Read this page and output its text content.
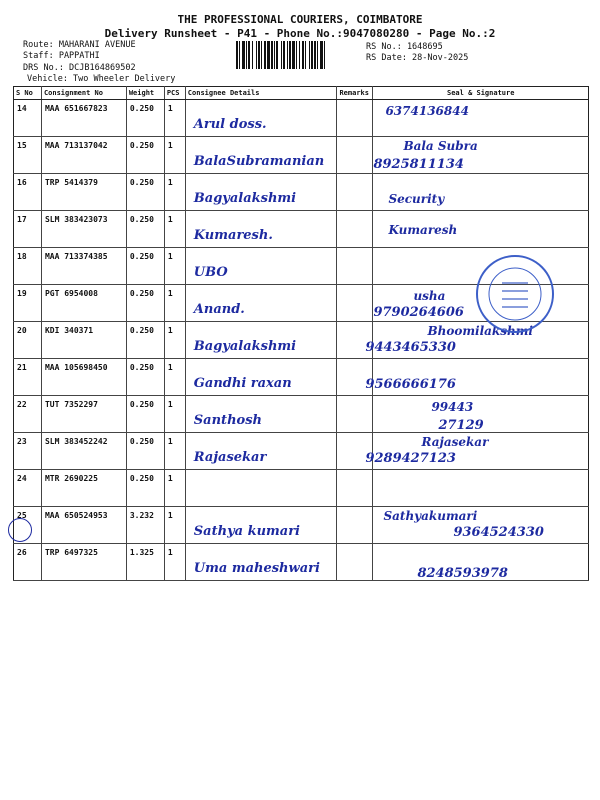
THE PROFESSIONAL COURIERS, COIMBATORE
Delivery Runsheet - P41 - Phone No.:9047080280 - Page No.:2
Route: MAHARANI AVENUE
Staff: PAPPATHI
DRS No.: DCJB164869502
Vehicle: Two Wheeler Delivery
RS No.: 1648695
RS Date: 28-Nov-2025
S No	Consignment No	Weight	PCS	Consignee Details	Remarks	Seal & Signature
14	MAA 651667823	0.250	1	Arul doss.		6374136844

15	MAA 713137042	0.250	1	BalaSubramanian		Bala Subra
8925811134

16	TRP 5414379	0.250	1	Bagyalakshmi		Security

17	SLM 383423073	0.250	1	Kumaresh.		Kumaresh

18	MAA 713374385	0.250	1	UBO		

19	PGT 6954008	0.250	1	Anand.		usha
9790264606

20	KDI 340371	0.250	1	Bagyalakshmi		Bhoomilakshmi
9443465330

21	MAA 105698450	0.250	1	Gandhi raxan		9566666176

22	TUT 7352297	0.250	1	Santhosh		99443
27129

23	SLM 383452242	0.250	1	Rajasekar		Rajasekar
9289427123

24	MTR 2690225	0.250	1	

25	MAA 650524953	3.232	1	Sathya kumari		Sathyakumari
9364524330

26	TRP 6497325	1.325	1	Uma maheshwari		8248593978
